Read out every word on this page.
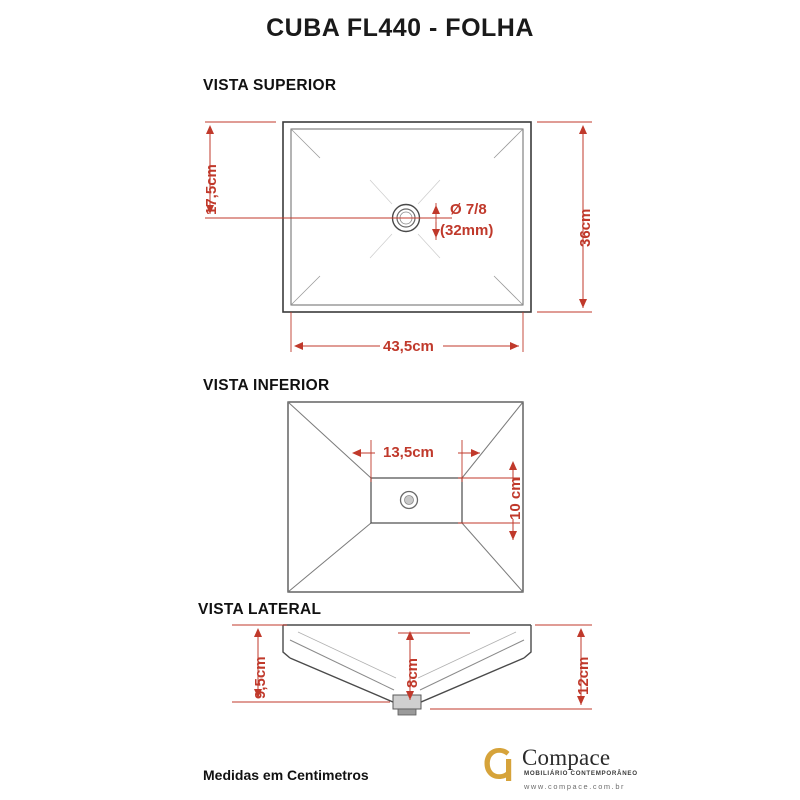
CUBA FL440 - FOLHA
VISTA SUPERIOR
VISTA INFERIOR
VISTA LATERAL
17,5cm
36cm
43,5cm
Ø 7/8
(32mm)
13,5cm
10 cm
9,5cm	8cm	12cm
Medidas em Centimetros
Compace
MOBILIÁRIO CONTEMPORÂNEO
www.compace.com.br
